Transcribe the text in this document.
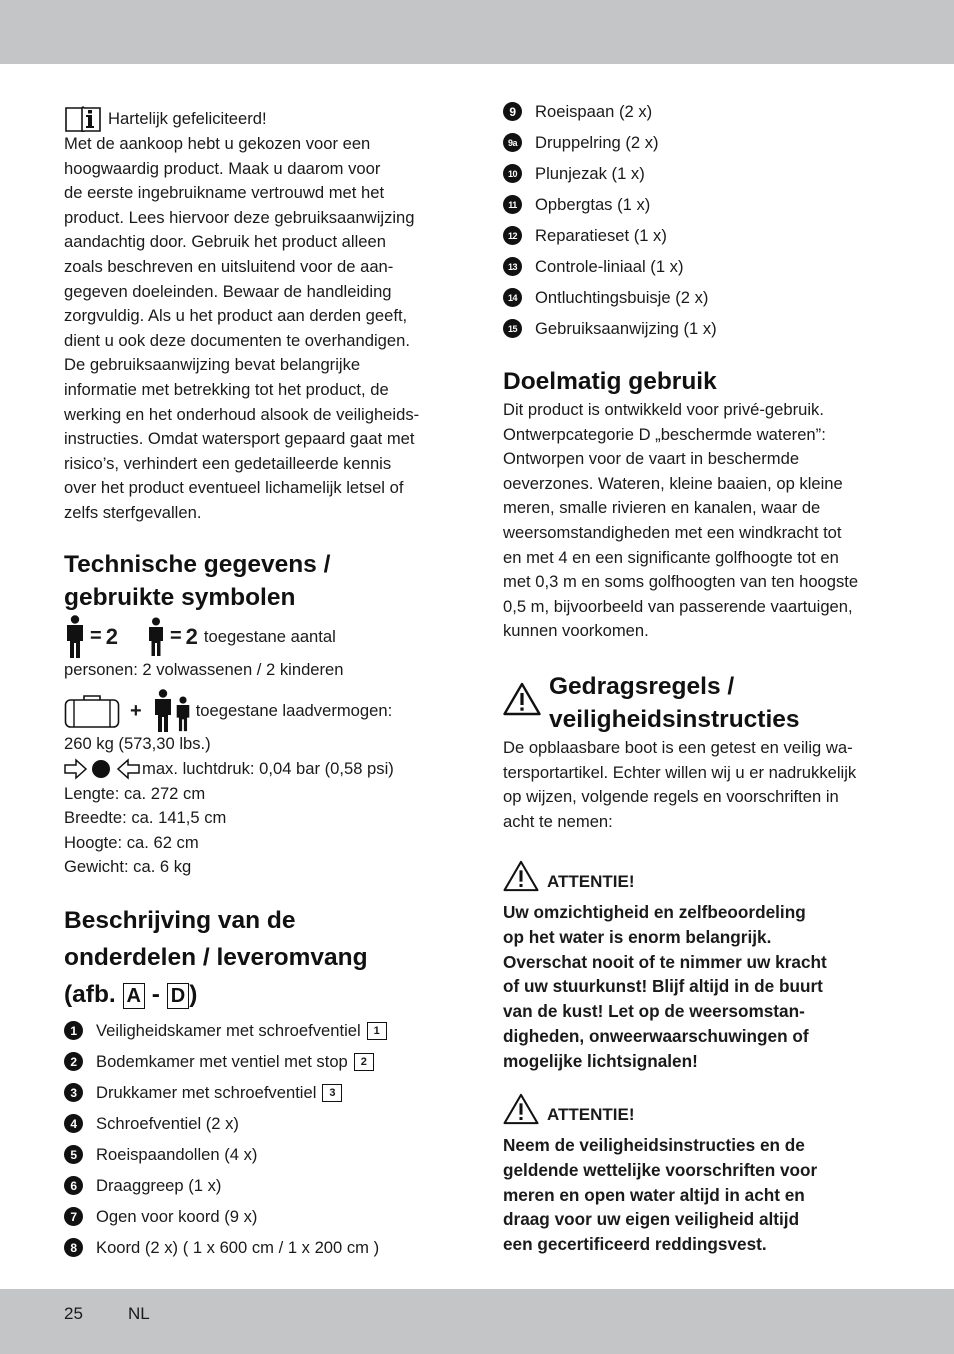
Hartelijk gefeliciteerd!

Met de aankoop hebt u gekozen voor een

hoogwaardig product. Maak u daarom voor

de eerste ingebruikname vertrouwd met het

product. Lees hiervoor deze gebruiksaanwijzing

aandachtig door. Gebruik het product alleen

zoals beschreven en uitsluitend voor de aan-

gegeven doeleinden. Bewaar de handleiding

zorgvuldig. Als u het product aan derden geeft,

dient u ook deze documenten te overhandigen.

De gebruiksaanwijzing bevat belangrijke

informatie met betrekking tot het product, de

werking en het onderhoud alsook de veiligheids-

instructies. Omdat watersport gepaard gaat met

risico’s, verhindert een gedetailleerde kennis

over het product eventueel lichamelijk letsel of

zelfs sterfgevallen.

Technische gegevens /
gebruikte symbolen
= 2	= 2 toegestane aantal

personen: 2 volwassenen / 2 kinderen

+	toegestane laadvermogen:

260 kg (573,30 lbs.)

max. luchtdruk: 0,04 bar (0,58 psi)

Lengte: ca. 272 cm

Breedte: ca. 141,5 cm

Hoogte: ca. 62 cm

Gewicht: ca. 6 kg

Beschrijving van de
onderdelen / leveromvang
(afb. A - D )
1	Veiligheidskamer met schroefventiel	1
2	Bodemkamer met ventiel met stop	2
3	Drukkamer met schroefventiel	3
4	Schroefventiel (2 x)
5	Roeispaandollen (4 x)
6	Draaggreep (1 x)
7	Ogen voor koord (9 x)
8	Koord (2 x) ( 1 x 600 cm / 1 x 200 cm )
9	Roeispaan (2 x)
9a	Druppelring (2 x)
10	Plunjezak (1 x)
11	Opbergtas (1 x)
12	Reparatieset (1 x)
13	Controle-liniaal (1 x)
14	Ontluchtingsbuisje (2 x)
15	Gebruiksaanwijzing (1 x)
Doelmatig gebruik

Dit product is ontwikkeld voor privé-gebruik.

Ontwerpcategorie D „beschermde wateren”:

Ontworpen voor de vaart in beschermde

oeverzones. Wateren, kleine baaien, op kleine

meren, smalle rivieren en kanalen, waar de

weersomstandigheden met een windkracht tot

en met 4 en een significante golfhoogte tot en

met 0,3 m en soms golfhoogten van ten hoogste

0,5 m, bijvoorbeeld van passerende vaartuigen,

kunnen voorkomen.

Gedragsregels /
veiligheidsinstructies

De opblaasbare boot is een getest en veilig wa-

tersportartikel. Echter willen wij u er nadrukkelijk

op wijzen, volgende regels en voorschriften in

acht te nemen:

ATTENTIE!

Uw omzichtigheid en zelfbeoordeling

op het water is enorm belangrijk.

Overschat nooit of te nimmer uw kracht

of uw stuurkunst! Blijf altijd in de buurt

van de kust! Let op de weersomstan-

digheden, onweerwaarschuwingen of

mogelijke lichtsignalen!

ATTENTIE!

Neem de veiligheidsinstructies en de

geldende wettelijke voorschriften voor

meren en open water altijd in acht en

draag voor uw eigen veiligheid altijd

een gecertificeerd reddingsvest.

25	NL
